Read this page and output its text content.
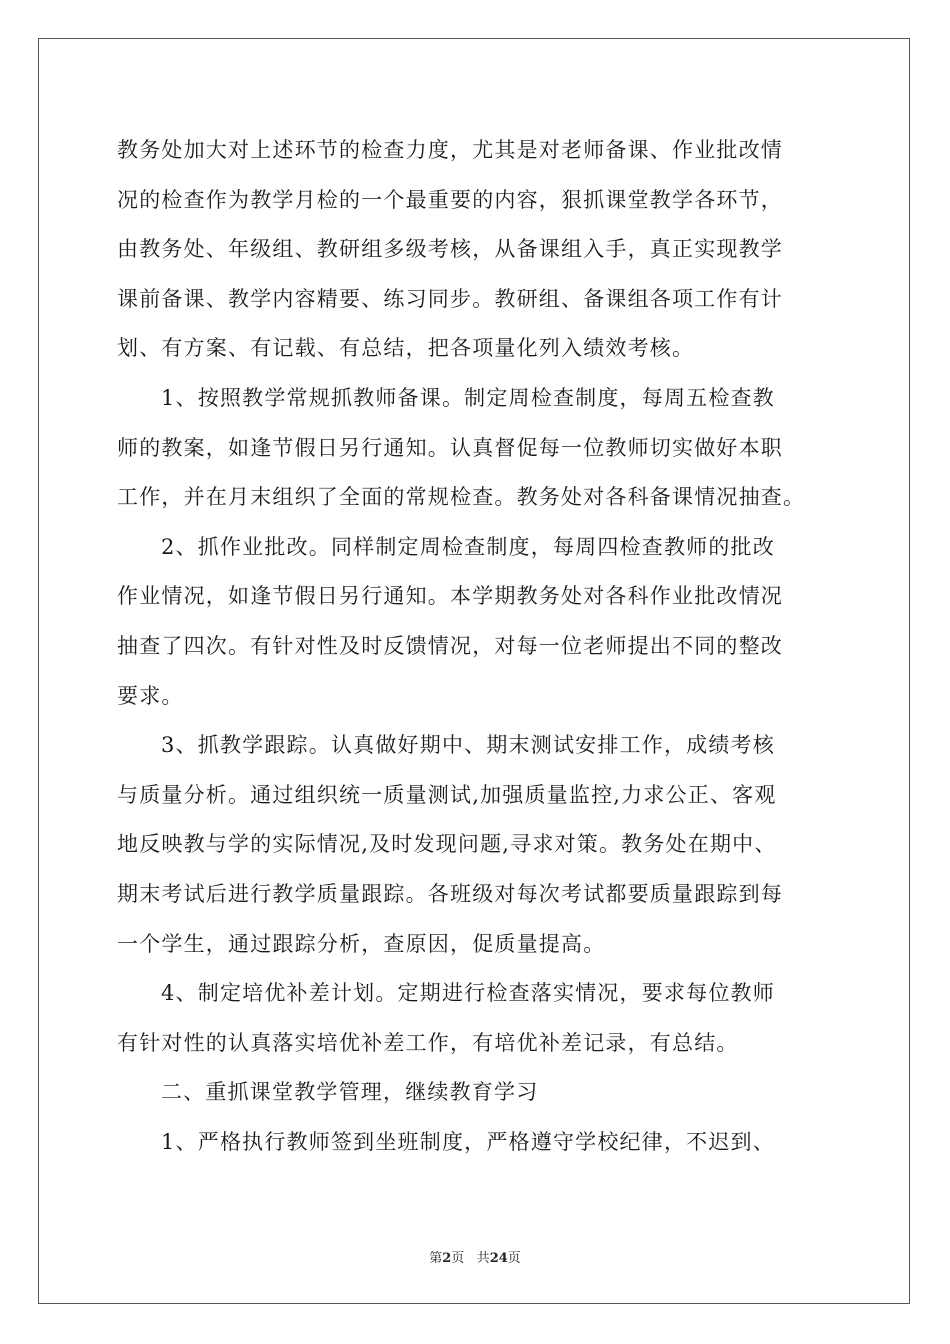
教务处加大对上述环节的检查力度，尤其是对老师备课、作业批改情
况的检查作为教学月检的一个最重要的内容，狠抓课堂教学各环节，
由教务处、年级组、教研组多级考核，从备课组入手，真正实现教学
课前备课、教学内容精要、练习同步。教研组、备课组各项工作有计
划、有方案、有记载、有总结，把各项量化列入绩效考核。
1、按照教学常规抓教师备课。制定周检查制度，每周五检查教
师的教案，如逢节假日另行通知。认真督促每一位教师切实做好本职
工作，并在月末组织了全面的常规检查。教务处对各科备课情况抽查。
2、抓作业批改。同样制定周检查制度，每周四检查教师的批改
作业情况，如逢节假日另行通知。本学期教务处对各科作业批改情况
抽查了四次。有针对性及时反馈情况，对每一位老师提出不同的整改
要求。
3、抓教学跟踪。认真做好期中、期末测试安排工作，成绩考核
与质量分析。通过组织统一质量测试,加强质量监控,力求公正、客观
地反映教与学的实际情况,及时发现问题,寻求对策。教务处在期中、
期末考试后进行教学质量跟踪。各班级对每次考试都要质量跟踪到每
一个学生，通过跟踪分析，查原因，促质量提高。
4、制定培优补差计划。定期进行检查落实情况，要求每位教师
有针对性的认真落实培优补差工作，有培优补差记录，有总结。
二、重抓课堂教学管理，继续教育学习
1、严格执行教师签到坐班制度，严格遵守学校纪律，不迟到、
第2页 共24页
